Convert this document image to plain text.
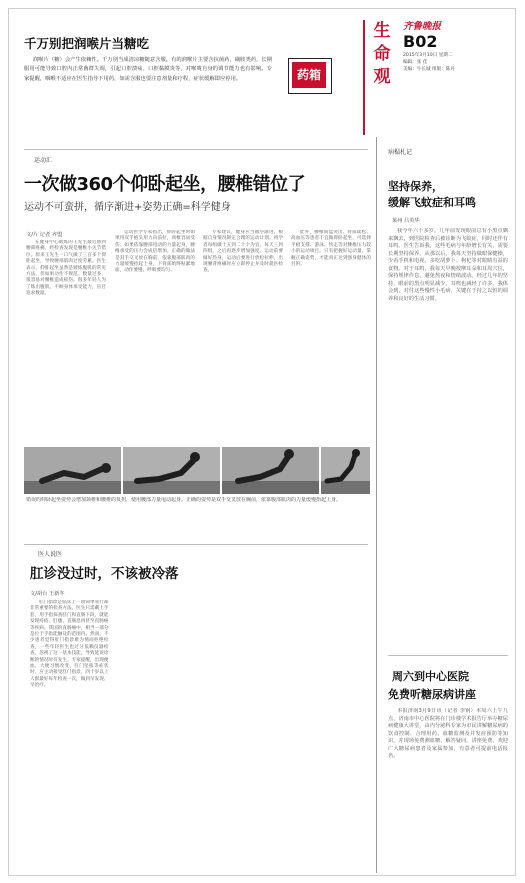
千万别把润喉片当糖吃

润喉片（糖）会产生依赖性。千万别当成清凉糖随意含服。有的润喉片主要含抗菌药、磺胺类药，长期服用可能导致口腔内正常菌群失调，引起口腔溃疡、口腔黏膜炎等，对喉咙自身的调节能力也有影响。专家提醒，咽喉不适应在医生指导下用药，如需含服也要注意剂量和疗程，症状缓解即应停用。	药箱
生
命
观
齐鲁晚报
B02
2015年3月10日 星期二
编辑：张 佳
美编：牛长城 组版：陈丹
运动汇
一次做360个仰卧起坐，腰椎错位了
运动不可蛮拼，循序渐进+姿势正确=科学健身
文/片 记者 齐盟

在健身中心锻炼的王先生最近感到腰部疼痛，经检查发现是腰椎小关节错位。原来王先生一口气做了三百多个仰卧起坐，导致腰部肌肉过度劳累。医生表示，仰卧起坐虽然是锻炼腹肌的常见方法，但如果动作不规范、数量过多，很容易对腰椎造成损伤。很多年轻人为了练出腹肌，不顾身体承受能力，盲目追求数量。

运动医学专家指出，仰卧起坐时如果用双手抱头用力向前拉，颈椎容易受伤；如果依靠腰部甩动的力量起身，腰椎承受的压力会成倍增加。正确的做法是双手交叉放在胸前，依靠腹部肌肉的力量缓慢抬起上身，下背部始终贴紧地面，动作要慢、呼吸要均匀。

专家建议，健身应当循序渐进，根据自身情况制定合理的运动计划。初学者每组做十五到二十个为宜，每天三到四组，之后再逐步增加强度。运动前要做好热身，运动后要进行放松拉伸，出现腰背疼痛时应立即停止并及时就医检查。

此外，腰椎间盘突出、骨质疏松、高血压等患者不宜做仰卧起坐，可选择平板支撑、游泳、快走等对腰椎压力较小的运动项目。只有把握好运动量、掌握正确姿势，才能真正达到强身健体的目的。

错误的仰卧起坐姿势会增加颈椎和腰椎的负担，使用腰部力量甩动起身。正确的姿势是双手交叉放在胸前，依靠腹部肌肉的力量缓慢抬起上身。
医人说医
肛诊没过时，不该被冷落
文/胡台 王新冬

肛门指诊是临床上一项简单易行却非常重要的检查方法。医生只需戴上手套，用手指探查肛门和直肠下段，就能发现痔疮、肛瘘、直肠息肉甚至直肠癌等疾病。我国的直肠癌中，相当一部分是位于手指能触及的范围内。然而，不少患者觉得肛门指诊难为情而拒绝检查，一些年轻医生也过分依赖仪器检查，忽视了这一基本技能，导致延误诊断的情况时有发生。专家提醒，出现便血、大便习惯改变、肛门坠胀等症状时，应主动接受肛门指诊，四十岁以上人群最好每年检查一次，做到早发现、早治疗。

病榻札记
坚持保养，
缓解飞蚊症和耳鸣
莱州 吕英华

我今年六十多岁，几年前发现眼前总有小黑点飘来飘去，到医院检查后被诊断为飞蚊症，同时还伴有耳鸣。医生告诉我，这些毛病与年龄增长有关，需要长期坚持保养。从那以后，我每天坚持做眼保健操，少看手机和电视，多吃胡萝卜、枸杞等对眼睛有益的食物。对于耳鸣，我每天早晚按摩耳朵和耳周穴位，保持规律作息，避免熬夜和情绪波动。经过几年的坚持，眼前的黑点明显减少，耳鸣也减轻了许多。我体会到，对付这些慢性小毛病，关键在于持之以恒的调养和良好的生活习惯。

周六到中心医院
免费听糖尿病讲座

本报济南3月9日讯（记者 李钢）本周六上午九点，济南市中心医院将在门诊楼学术报告厅举办糖尿病健康大讲堂，由内分泌科专家为市民讲解糖尿病的饮食控制、合理用药、血糖监测及并发症预防等知识，并现场免费测血糖、解答疑问。讲座免费，欢迎广大糖尿病患者及家属参加，有意者可提前电话报名。
